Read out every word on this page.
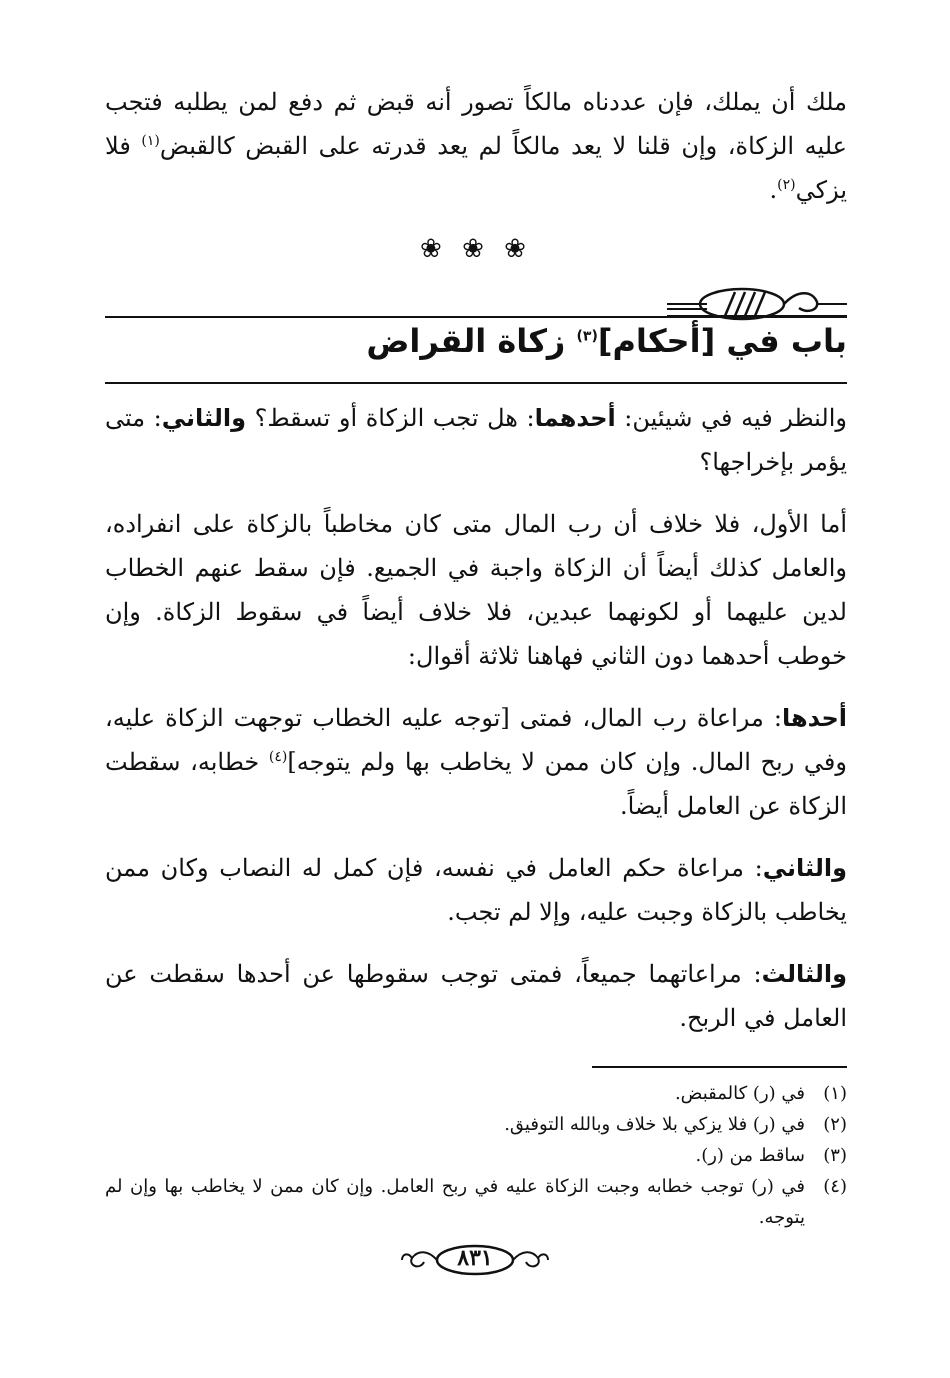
ملك أن يملك، فإن عددناه مالكاً تصور أنه قبض ثم دفع لمن يطلبه فتجب عليه الزكاة، وإن قلنا لا يعد مالكاً لم يعد قدرته على القبض كالقبض$^{(١)}$ فلا يزكي$^{(٢)}$.

❀ ❀ ❀
باب في [أحكام]$^{(٣)}$ زكاة القراض

والنظر فيه في شيئين: أحدهما: هل تجب الزكاة أو تسقط؟ والثاني: متى يؤمر بإخراجها؟

أما الأول، فلا خلاف أن رب المال متى كان مخاطباً بالزكاة على انفراده، والعامل كذلك أيضاً أن الزكاة واجبة في الجميع. فإن سقط عنهم الخطاب لدين عليهما أو لكونهما عبدين، فلا خلاف أيضاً في سقوط الزكاة. وإن خوطب أحدهما دون الثاني فهاهنا ثلاثة أقوال:

أحدها: مراعاة رب المال، فمتى [توجه عليه الخطاب توجهت الزكاة عليه، وفي ربح المال. وإن كان ممن لا يخاطب بها ولم يتوجه]$^{(٤)}$ خطابه، سقطت الزكاة عن العامل أيضاً.

والثاني: مراعاة حكم العامل في نفسه، فإن كمل له النصاب وكان ممن يخاطب بالزكاة وجبت عليه، وإلا لم تجب.

والثالث: مراعاتهما جميعاً، فمتى توجب سقوطها عن أحدها سقطت عن العامل في الربح.

(١)
في (ر) كالمقبض.
(٢)
في (ر) فلا يزكي بلا خلاف وبالله التوفيق.
(٣)
ساقط من (ر).
(٤)
في (ر) توجب خطابه وجبت الزكاة عليه في ربح العامل. وإن كان ممن لا يخاطب بها وإن لم يتوجه.
٨٣١
